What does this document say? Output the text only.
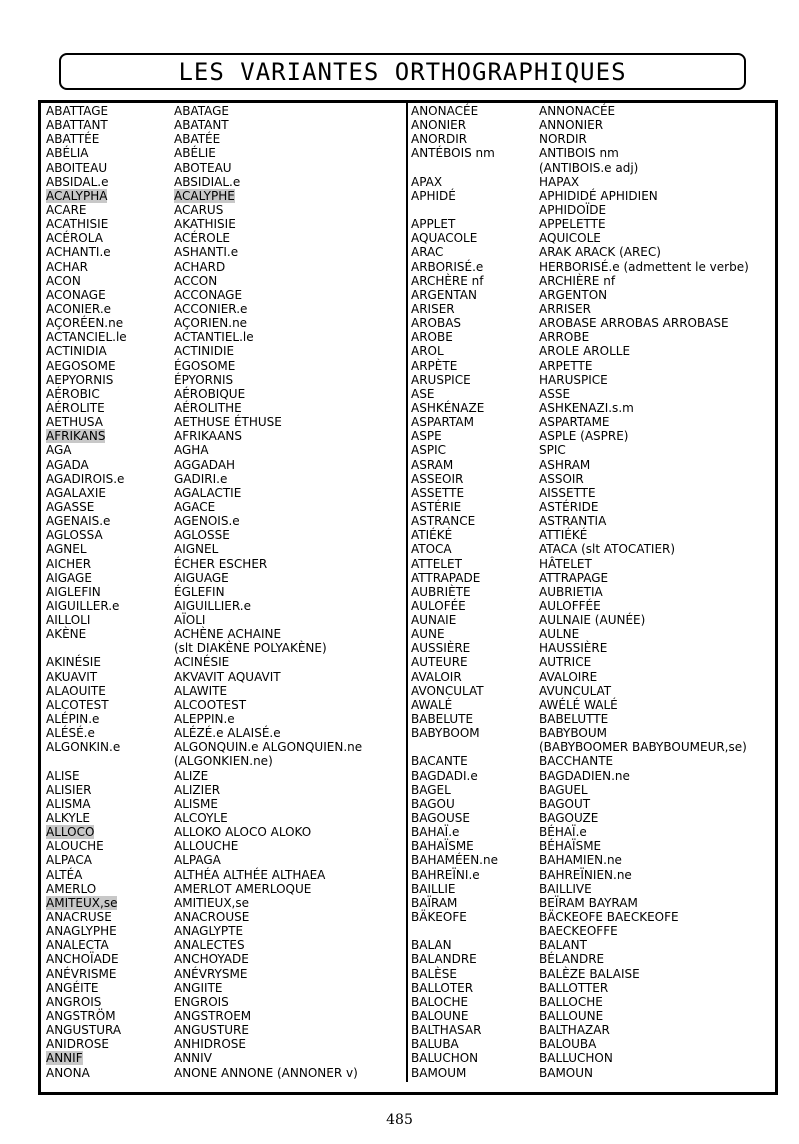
LES VARIANTES ORTHOGRAPHIQUES
ABATTAGE	ABATAGE
ABATTANT	ABATANT
ABATTÉE	ABATÉE
ABÉLIA	ABÉLIE
ABOITEAU	ABOTEAU
ABSIDAL.e	ABSIDIAL.e
ACALYPHA	ACALYPHE
ACARE	ACARUS
ACATHISIE	AKATHISIE
ACÉROLA	ACÉROLE
ACHANTI.e	ASHANTI.e
ACHAR	ACHARD
ACON	ACCON
ACONAGE	ACCONAGE
ACONIER.e	ACCONIER.e
AÇORÉEN.ne	AÇORIEN.ne
ACTANCIEL.le	ACTANTIEL.le
ACTINIDIA	ACTINIDIE
AEGOSOME	ÉGOSOME
AEPYORNIS	ÉPYORNIS
AÉROBIC	AÉROBIQUE
AÉROLITE	AÉROLITHE
AETHUSA	AETHUSE ÉTHUSE
AFRIKANS	AFRIKAANS
AGA	AGHA
AGADA	AGGADAH
AGADIROIS.e	GADIRI.e
AGALAXIE	AGALACTIE
AGASSE	AGACE
AGENAIS.e	AGENOIS.e
AGLOSSA	AGLOSSE
AGNEL	AIGNEL
AICHER	ÉCHER ESCHER
AIGAGE	AIGUAGE
AIGLEFIN	ÉGLEFIN
AIGUILLER.e	AIGUILLIER.e
AILLOLI	AÏOLI
AKÈNE	ACHÈNE ACHAINE
(slt DIAKÈNE POLYAKÈNE)
AKINÉSIE	ACINÉSIE
AKUAVIT	AKVAVIT AQUAVIT
ALAOUITE	ALAWITE
ALCOTEST	ALCOOTEST
ALÉPIN.e	ALEPPIN.e
ALÉSÉ.e	ALÉZÉ.e ALAISÉ.e
ALGONKIN.e	ALGONQUIN.e ALGONQUIEN.ne
(ALGONKIEN.ne)
ALISE	ALIZE
ALISIER	ALIZIER
ALISMA	ALISME
ALKYLE	ALCOYLE
ALLOCO	ALLOKO ALOCO ALOKO
ALOUCHE	ALLOUCHE
ALPACA	ALPAGA
ALTÉA	ALTHÉA ALTHÉE ALTHAEA
AMERLO	AMERLOT AMERLOQUE
AMITEUX,se	AMITIEUX,se
ANACRUSE	ANACROUSE
ANAGLYPHE	ANAGLYPTE
ANALECTA	ANALECTES
ANCHOÏADE	ANCHOYADE
ANÉVRISME	ANÉVRYSME
ANGÉITE	ANGIITE
ANGROIS	ENGROIS
ANGSTRÖM	ANGSTROEM
ANGUSTURA	ANGUSTURE
ANIDROSE	ANHIDROSE
ANNIF	ANNIV
ANONA	ANONE ANNONE (ANNONER v)
ANONACÉE	ANNONACÉE
ANONIER	ANNONIER
ANORDIR	NORDIR
ANTÉBOIS nm	ANTIBOIS nm
(ANTIBOIS.e adj)
APAX	HAPAX
APHIDÉ	APHIDIDÉ APHIDIEN
APHIDOÏDE
APPLET	APPELETTE
AQUACOLE	AQUICOLE
ARAC	ARAK ARACK (AREC)
ARBORISÉ.e	HERBORISÉ.e (admettent le verbe)
ARCHÈRE nf	ARCHIÈRE nf
ARGENTAN	ARGENTON
ARISER	ARRISER
AROBAS	AROBASE ARROBAS ARROBASE
AROBE	ARROBE
AROL	AROLE AROLLE
ARPÈTE	ARPETTE
ARUSPICE	HARUSPICE
ASE	ASSE
ASHKÉNAZE	ASHKENAZI.s.m
ASPARTAM	ASPARTAME
ASPE	ASPLE (ASPRE)
ASPIC	SPIC
ASRAM	ASHRAM
ASSEOIR	ASSOIR
ASSETTE	AISSETTE
ASTÉRIE	ASTÉRIDE
ASTRANCE	ASTRANTIA
ATIÉKÉ	ATTIÉKÉ
ATOCA	ATACA (slt ATOCATIER)
ATTELET	HÂTELET
ATTRAPADE	ATTRAPAGE
AUBRIÈTE	AUBRIETIA
AULOFÉE	AULOFFÉE
AUNAIE	AULNAIE (AUNÉE)
AUNE	AULNE
AUSSIÈRE	HAUSSIÈRE
AUTEURE	AUTRICE
AVALOIR	AVALOIRE
AVONCULAT	AVUNCULAT
AWALÉ	AWÉLÉ WALÉ
BABELUTE	BABELUTTE
BABYBOOM	BABYBOUM
(BABYBOOMER BABYBOUMEUR,se)
BACANTE	BACCHANTE
BAGDADI.e	BAGDADIEN.ne
BAGEL	BAGUEL
BAGOU	BAGOUT
BAGOUSE	BAGOUZE
BAHAÏ.e	BÉHAÏ.e
BAHAÏSME	BÉHAÏSME
BAHAMÉEN.ne	BAHAMIEN.ne
BAHREÏNI.e	BAHREÏNIEN.ne
BAILLIE	BAILLIVE
BAÏRAM	BEÏRAM BAYRAM
BÄKEOFE	BÄCKEOFE BAECKEOFE
BAECKEOFFE
BALAN	BALANT
BALANDRE	BÉLANDRE
BALÈSE	BALÈZE BALAISE
BALLOTER	BALLOTTER
BALOCHE	BALLOCHE
BALOUNE	BALLOUNE
BALTHASAR	BALTHAZAR
BALUBA	BALOUBA
BALUCHON	BALLUCHON
BAMOUM	BAMOUN
485
